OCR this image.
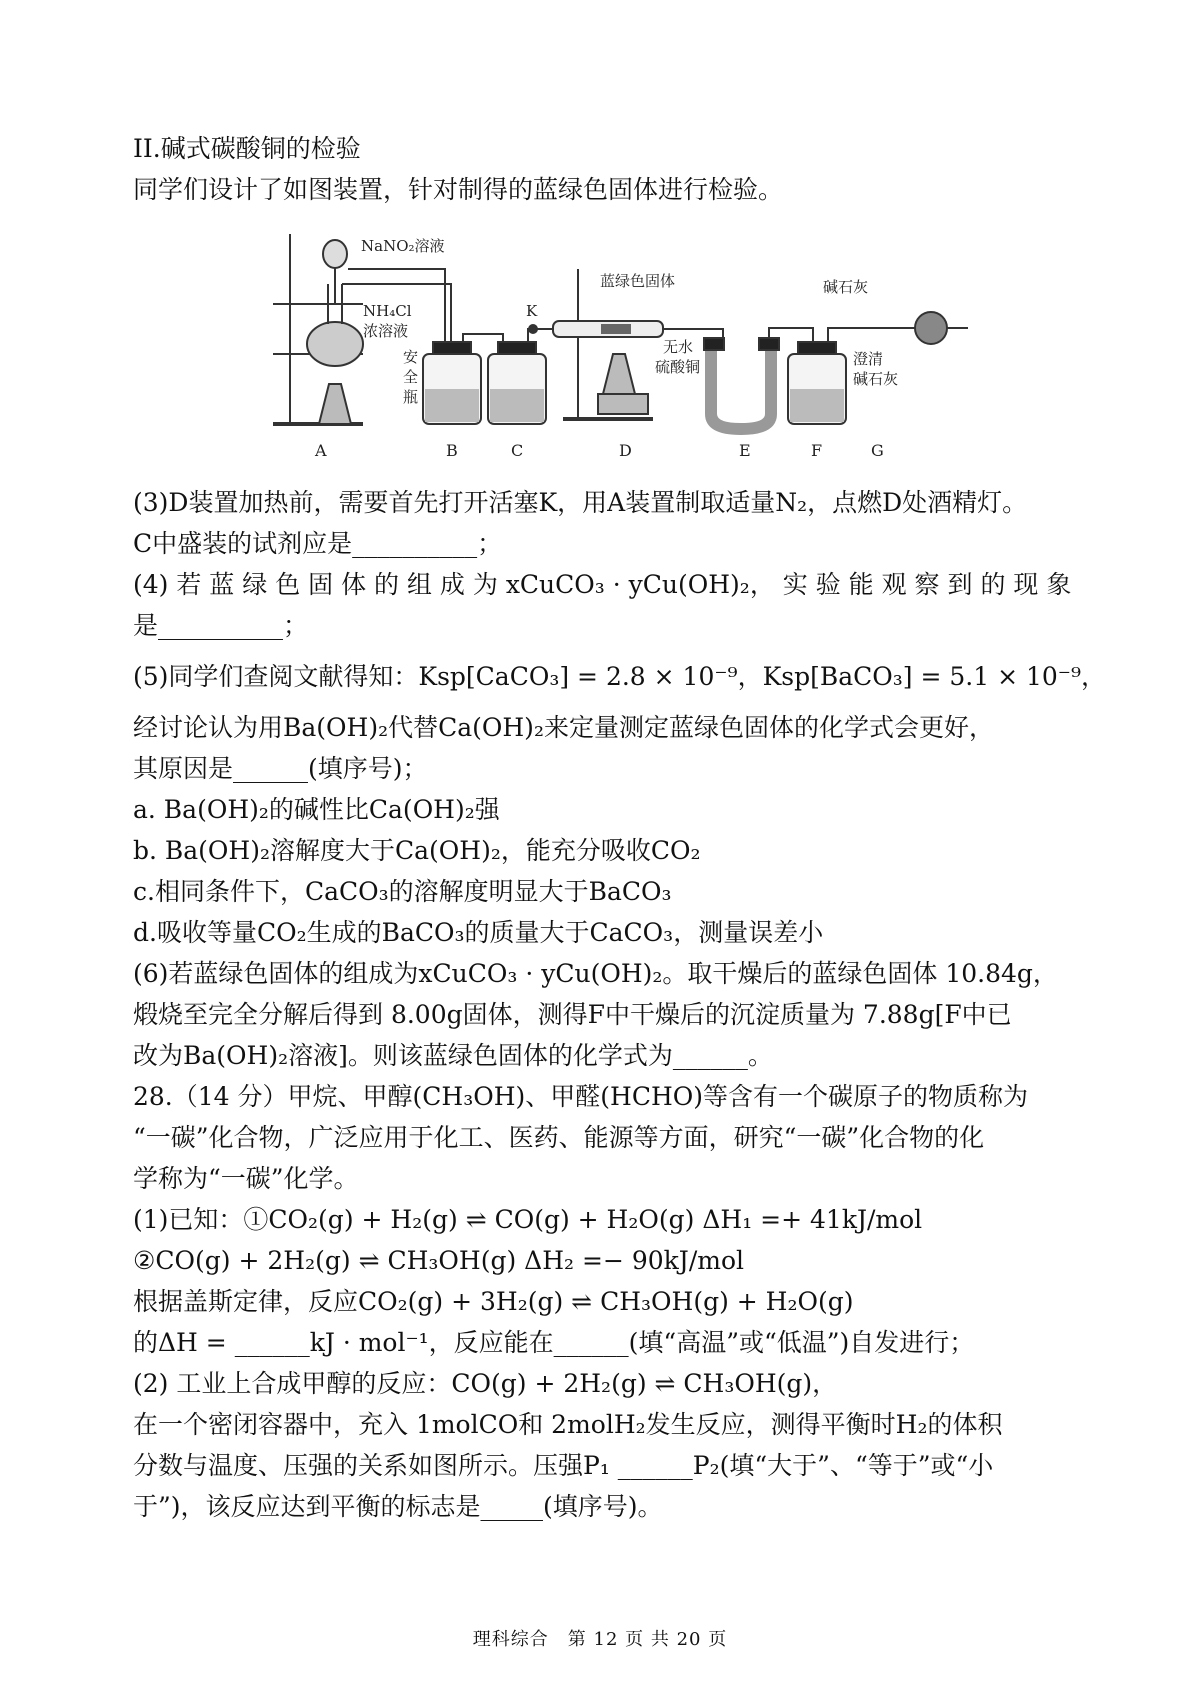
II.碱式碳酸铜的检验
同学们设计了如图装置，针对制得的蓝绿色固体进行检验。
NaNO₂溶液
NH₄Cl
浓溶液
安
全
瓶
K
蓝绿色固体
无水
硫酸铜
碱石灰
澄清
碱石灰
A	B	C	D	E	F	G
(3)D装置加热前，需要首先打开活塞K，用A装置制取适量N₂，点燃D处酒精灯。
C中盛装的试剂应是__________；
(4) 若 蓝 绿 色 固 体 的 组 成 为 xCuCO₃ · yCu(OH)₂， 实 验 能 观 察 到 的 现 象
是__________；
(5)同学们查阅文献得知：Ksp[CaCO₃] = 2.8 × 10⁻⁹，Ksp[BaCO₃] = 5.1 × 10⁻⁹，
经讨论认为用Ba(OH)₂代替Ca(OH)₂来定量测定蓝绿色固体的化学式会更好，
其原因是______(填序号)；
a. Ba(OH)₂的碱性比Ca(OH)₂强
b. Ba(OH)₂溶解度大于Ca(OH)₂，能充分吸收CO₂
c.相同条件下，CaCO₃的溶解度明显大于BaCO₃
d.吸收等量CO₂生成的BaCO₃的质量大于CaCO₃，测量误差小
(6)若蓝绿色固体的组成为xCuCO₃ · yCu(OH)₂。取干燥后的蓝绿色固体 10.84g，
煅烧至完全分解后得到 8.00g固体，测得F中干燥后的沉淀质量为 7.88g[F中已
改为Ba(OH)₂溶液]。则该蓝绿色固体的化学式为______。
28.（14 分）甲烷、甲醇(CH₃OH)、甲醛(HCHO)等含有一个碳原子的物质称为
“一碳”化合物，广泛应用于化工、医药、能源等方面，研究“一碳”化合物的化
学称为“一碳”化学。
(1)已知：①CO₂(g) + H₂(g) ⇌ CO(g) + H₂O(g) ΔH₁ =+ 41kJ/mol
②CO(g) + 2H₂(g) ⇌ CH₃OH(g) ΔH₂ =− 90kJ/mol
根据盖斯定律，反应CO₂(g) + 3H₂(g) ⇌ CH₃OH(g) + H₂O(g)
的ΔH = ______kJ · mol⁻¹，反应能在______(填“高温”或“低温”)自发进行；
(2) 工业上合成甲醇的反应：CO(g) + 2H₂(g) ⇌ CH₃OH(g)，
在一个密闭容器中，充入 1molCO和 2molH₂发生反应，测得平衡时H₂的体积
分数与温度、压强的关系如图所示。压强P₁ ______P₂(填“大于”、“等于”或“小
于”)，该反应达到平衡的标志是_____(填序号)。
理科综合　第 12 页 共 20 页
